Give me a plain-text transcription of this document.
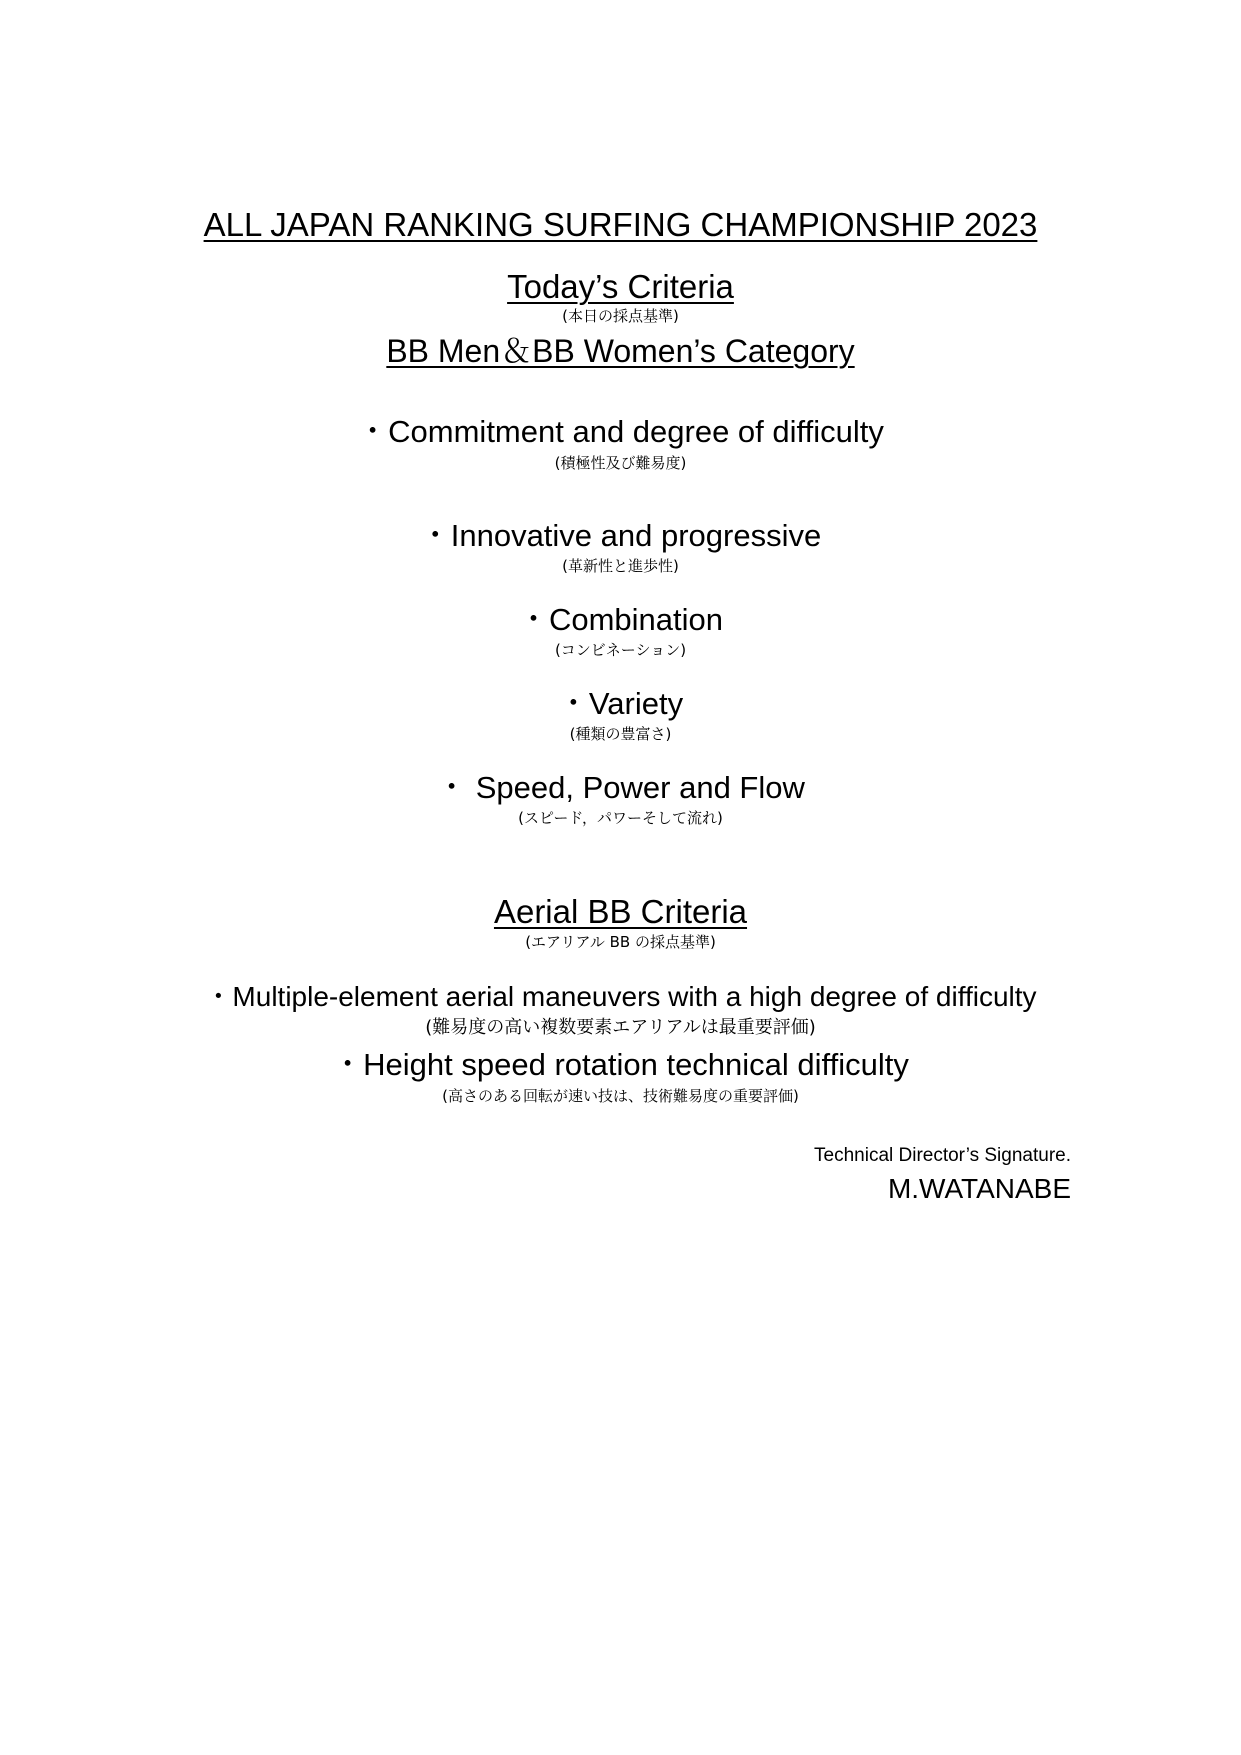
ALL JAPAN RANKING SURFING CHAMPIONSHIP 2023
Today’s Criteria
(本日の採点基準)
BB Men＆BB Women’s Category
・Commitment and degree of difficulty
(積極性及び難易度)
・Innovative and progressive
(革新性と進歩性)
・Combination
(コンビネーション)
・Variety
(種類の豊富さ)
・ Speed, Power and Flow
(スピード，パワーそして流れ)
Aerial BB Criteria
(エアリアル BB の採点基準)
・Multiple-element aerial maneuvers with a high degree of difficulty
(難易度の高い複数要素エアリアルは最重要評価)
・Height speed rotation technical difficulty
(高さのある回転が速い技は、技術難易度の重要評価)
Technical Director’s Signature.
M.WATANABE
